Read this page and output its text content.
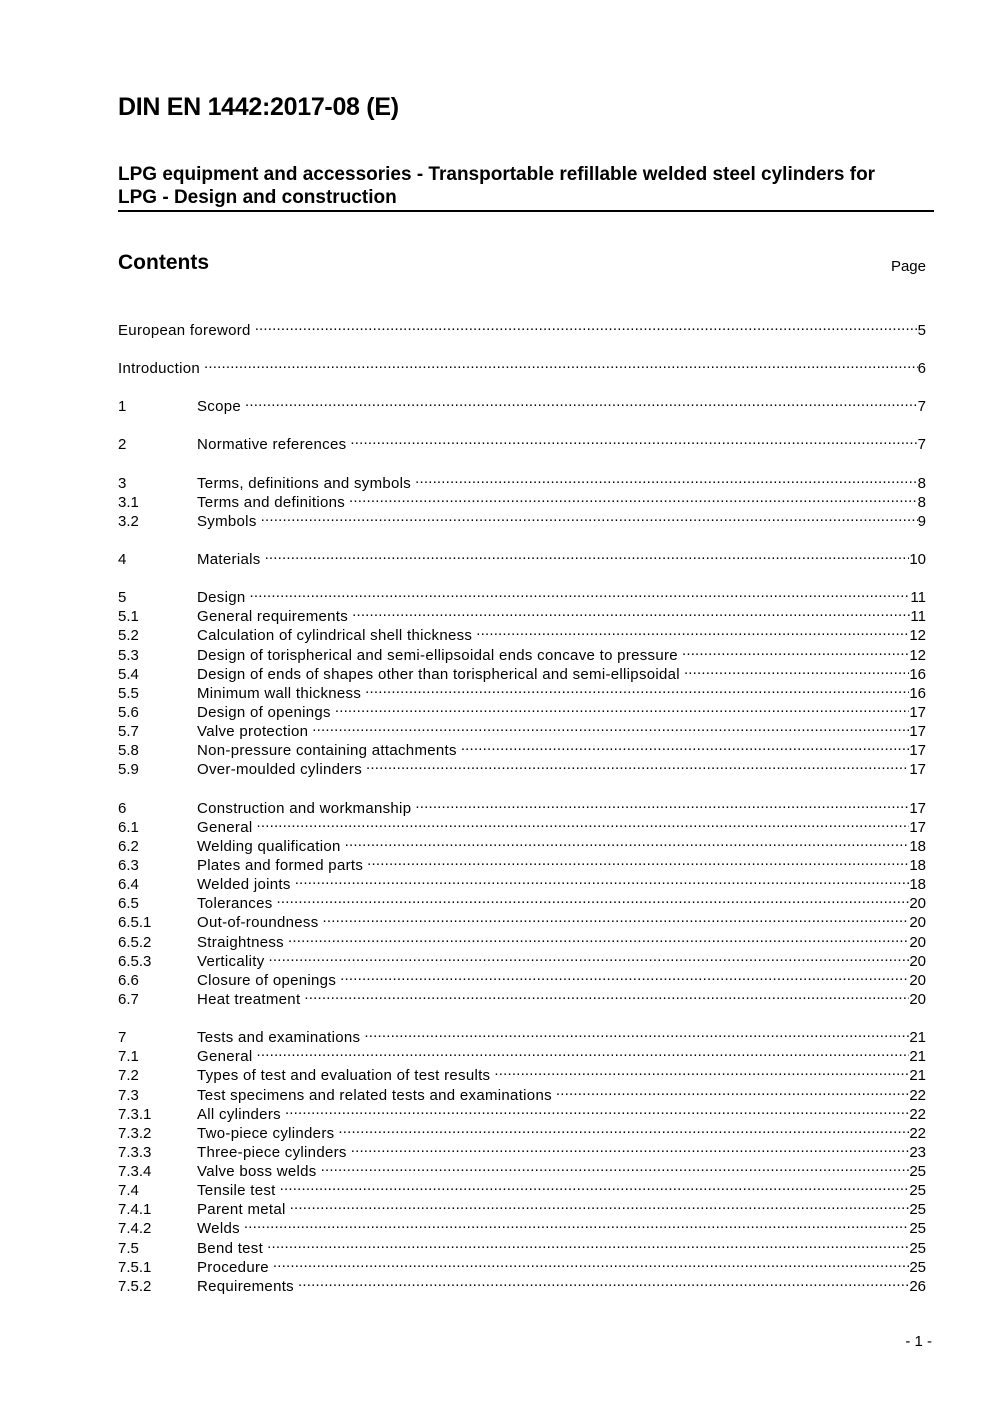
DIN EN 1442:2017-08 (E)
LPG equipment and accessories - Transportable refillable welded steel cylinders for
LPG - Design and construction
Contents	Page
European foreword .....	5
Introduction .....	6
1	Scope .....	7
2	Normative references .....	7
3	Terms, definitions and symbols .....	8
3.1	Terms and definitions .....	8
3.2	Symbols .....	9
4	Materials .....	10
5	Design .....	11
5.1	General requirements .....	11
5.2	Calculation of cylindrical shell thickness .....	12
5.3	Design of torispherical and semi-ellipsoidal ends concave to pressure .....	12
5.4	Design of ends of shapes other than torispherical and semi-ellipsoidal .....	16
5.5	Minimum wall thickness .....	16
5.6	Design of openings .....	17
5.7	Valve protection .....	17
5.8	Non-pressure containing attachments .....	17
5.9	Over-moulded cylinders .....	17
6	Construction and workmanship .....	17
6.1	General .....	17
6.2	Welding qualification .....	18
6.3	Plates and formed parts .....	18
6.4	Welded joints .....	18
6.5	Tolerances .....	20
6.5.1	Out-of-roundness .....	20
6.5.2	Straightness .....	20
6.5.3	Verticality .....	20
6.6	Closure of openings .....	20
6.7	Heat treatment .....	20
7	Tests and examinations .....	21
7.1	General .....	21
7.2	Types of test and evaluation of test results .....	21
7.3	Test specimens and related tests and examinations .....	22
7.3.1	All cylinders .....	22
7.3.2	Two-piece cylinders .....	22
7.3.3	Three-piece cylinders .....	23
7.3.4	Valve boss welds .....	25
7.4	Tensile test .....	25
7.4.1	Parent metal .....	25
7.4.2	Welds .....	25
7.5	Bend test .....	25
7.5.1	Procedure .....	25
7.5.2	Requirements .....	26
- 1 -
